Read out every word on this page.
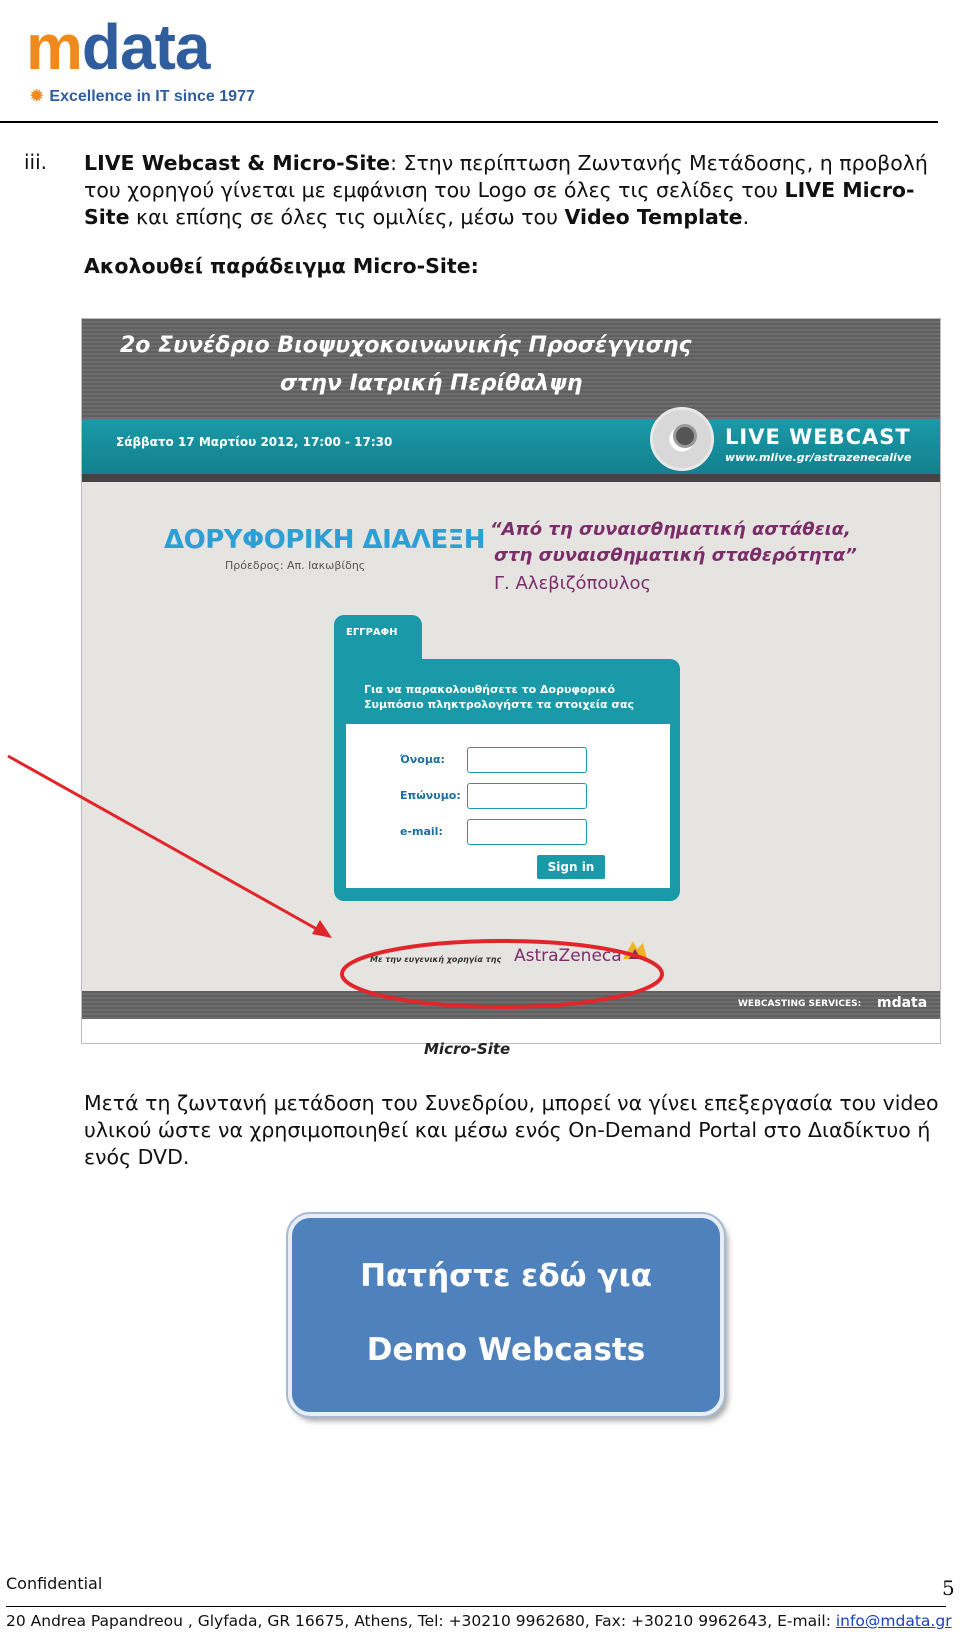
mdata
✹ Excellence in IT since 1977
iii. LIVE Webcast & Micro-Site: Στην περίπτωση Ζωντανής Μετάδοσης, η προβολή του χορηγού γίνεται με εμφάνιση του Logo σε όλες τις σελίδες του LIVE Micro-Site και επίσης σε όλες τις ομιλίες, μέσω του Video Template.
Ακολουθεί παράδειγμα Micro-Site:
2ο Συνέδριο Βιοψυχοκοινωνικής Προσέγγισης
στην Ιατρική Περίθαλψη
Σάββατο 17 Μαρτίου 2012, 17:00 - 17:30	LIVE WEBCAST
www.mlive.gr/astrazenecalive
ΔΟΡΥΦΟΡΙΚΗ ΔΙΑΛΕΞΗ
Πρόεδρος: Απ. Ιακωβίδης
“Από τη συναισθηματική αστάθεια,
στη συναισθηματική σταθερότητα”
Γ. Αλεβιζόπουλος
ΕΓΓΡΑΦΗ
Για να παρακολουθήσετε το Δορυφορικό
Συμπόσιο πληκτρολογήστε τα στοιχεία σας
Όνομα:
Επώνυμο:
e-mail:
Sign in
Με την ευγενική χορηγία της AstraZeneca
WEBCASTING SERVICES: mdata
Micro-Site
Μετά τη ζωντανή μετάδοση του Συνεδρίου, μπορεί να γίνει επεξεργασία του video υλικού ώστε να χρησιμοποιηθεί και μέσω ενός On-Demand Portal στο Διαδίκτυο ή ενός DVD.
Πατήστε εδώ για
Demo Webcasts
Confidential	5
20 Andrea Papandreou , Glyfada, GR 16675, Athens, Tel: +30210 9962680, Fax: +30210 9962643, E-mail: info@mdata.gr
